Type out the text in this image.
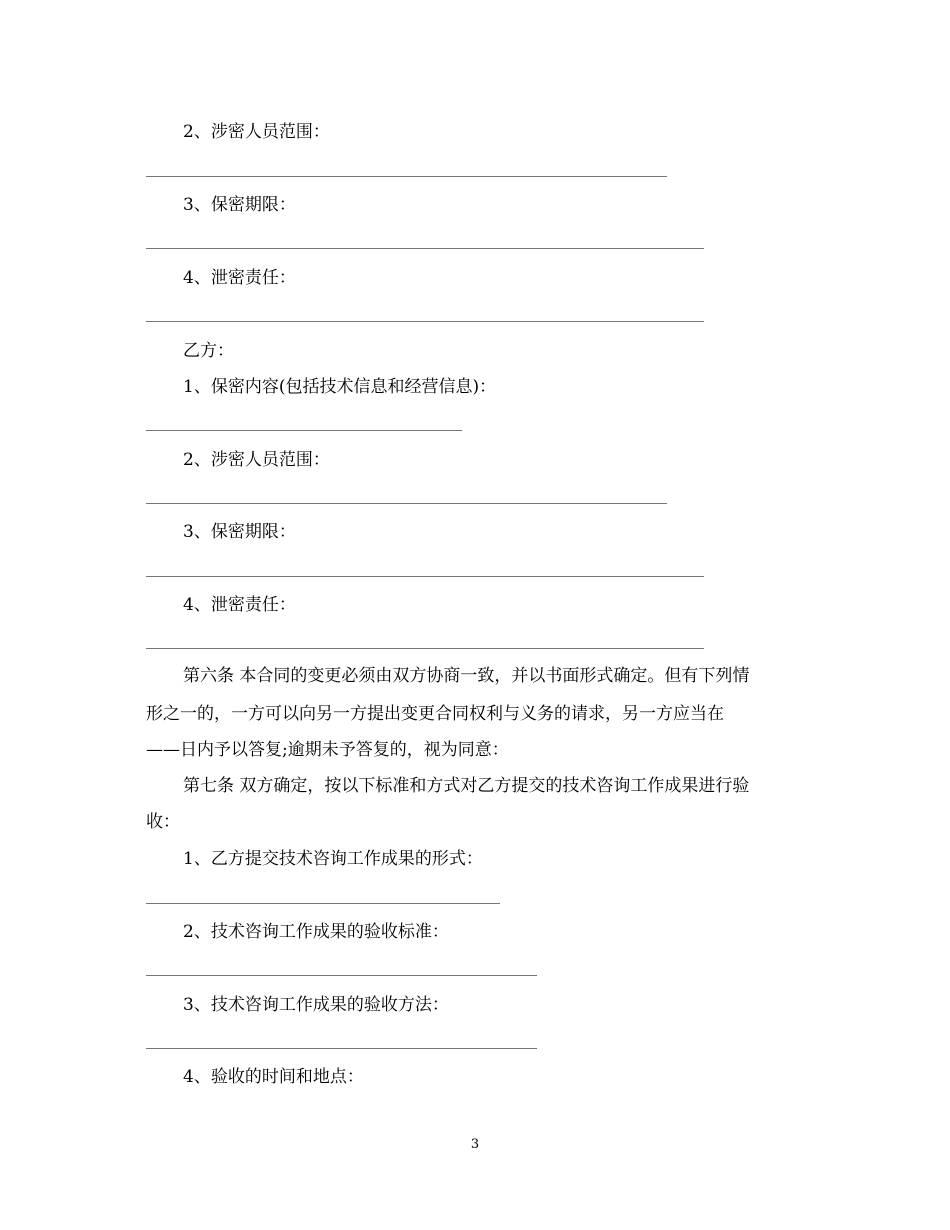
2、涉密人员范围：
3、保密期限：
4、泄密责任：
乙方：
1、保密内容(包括技术信息和经营信息)：
2、涉密人员范围：
3、保密期限：
4、泄密责任：
第六条 本合同的变更必须由双方协商一致，并以书面形式确定。但有下列情
形之一的，一方可以向另一方提出变更合同权利与义务的请求，另一方应当在
——日内予以答复;逾期未予答复的，视为同意：
第七条 双方确定，按以下标准和方式对乙方提交的技术咨询工作成果进行验
收：
1、乙方提交技术咨询工作成果的形式：
2、技术咨询工作成果的验收标准：
3、技术咨询工作成果的验收方法：
4、验收的时间和地点：
3
